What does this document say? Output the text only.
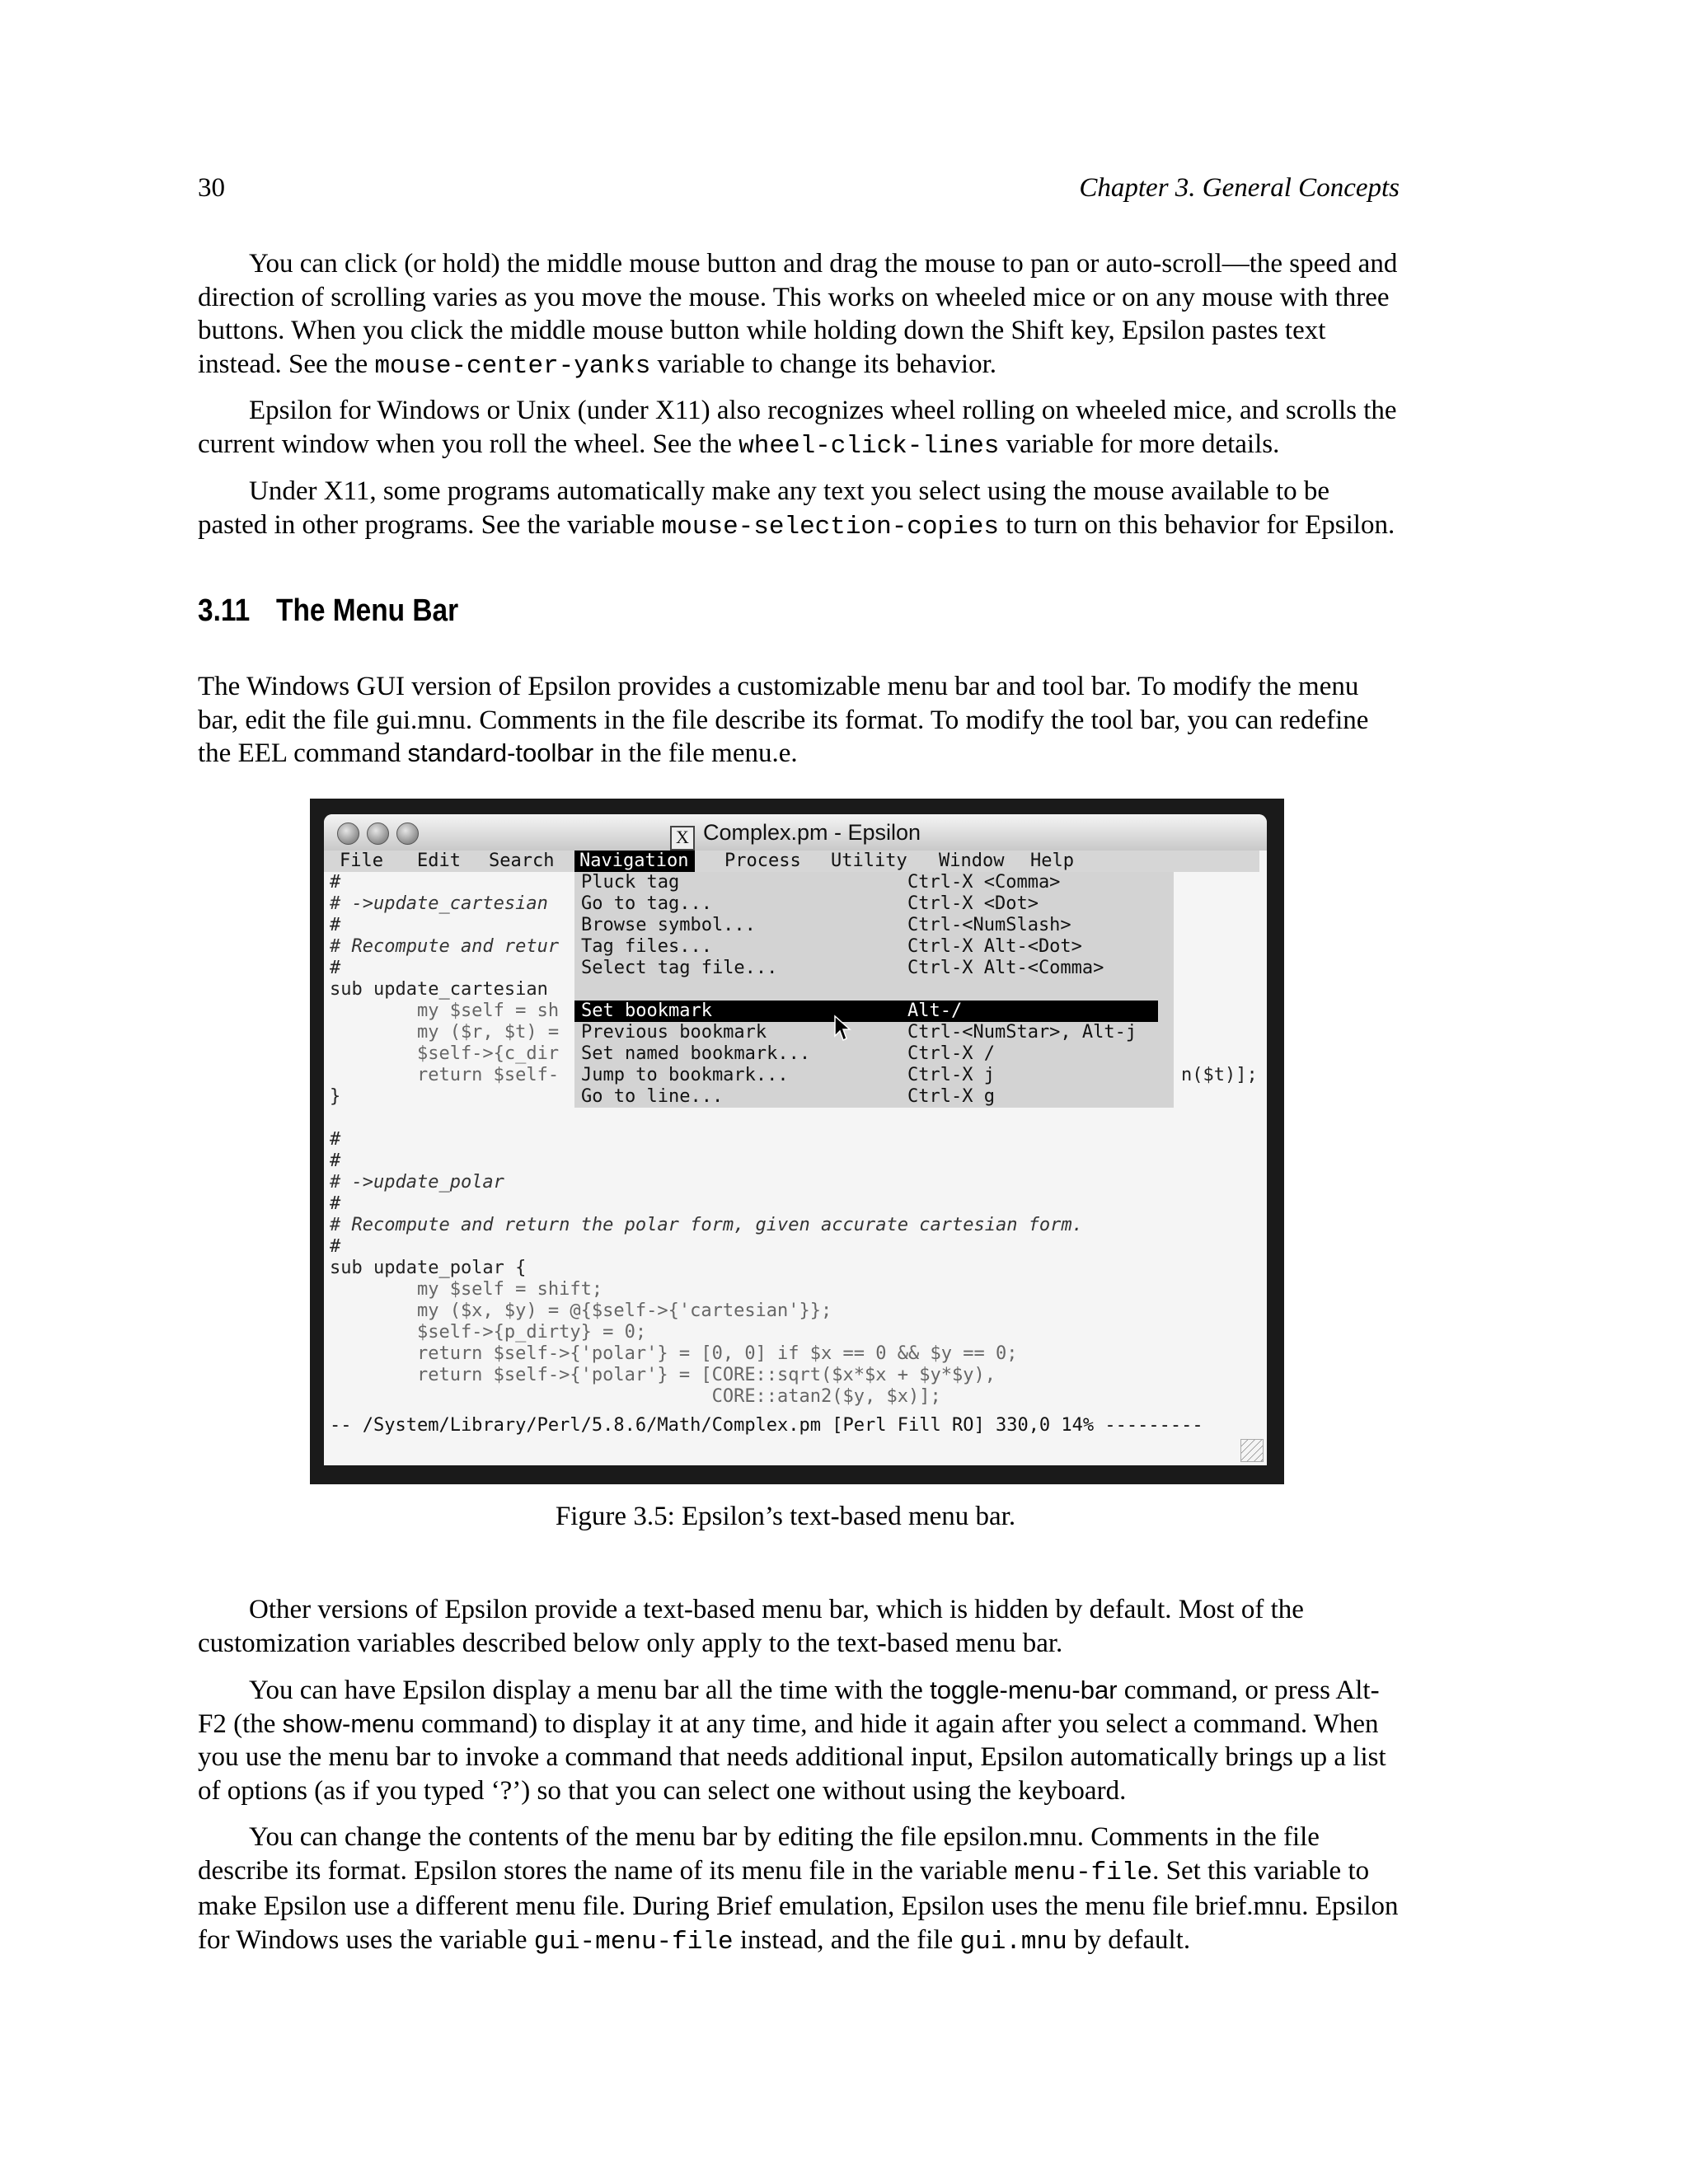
30	Chapter 3. General Concepts

You can click (or hold) the middle mouse button and drag the mouse to pan or auto-scroll—the speed and direction of scrolling varies as you move the mouse. This works on wheeled mice or on any mouse with three buttons. When you click the middle mouse button while holding down the Shift key, Epsilon pastes text instead. See the mouse-center-yanks variable to change its behavior.

Epsilon for Windows or Unix (under X11) also recognizes wheel rolling on wheeled mice, and scrolls the current window when you roll the wheel. See the wheel-click-lines variable for more details.

Under X11, some programs automatically make any text you select using the mouse available to be pasted in other programs. See the variable mouse-selection-copies to turn on this behavior for Epsilon.

3.11 The Menu Bar

The Windows GUI version of Epsilon provides a customizable menu bar and tool bar. To modify the menu bar, edit the file gui.mnu. Comments in the file describe its format. To modify the tool bar, you can redefine the EEL command standard-toolbar in the file menu.e.

X Complex.pm - Epsilon
File Edit Search Navigation	Process Utility Window Help
#
# ->update_cartesian
#
# Recompute and retur
#
sub update_cartesian
my $self = sh
my ($r, $t) =
$self->{c_dir
return $self-	n($t)];
}
Pluck tag	Ctrl-X <Comma>
Go to tag...	Ctrl-X <Dot>
Browse symbol...	Ctrl-<NumSlash>
Tag files...	Ctrl-X Alt-<Dot>
Select tag file...	Ctrl-X Alt-<Comma>
Set bookmark	Alt-/
Previous bookmark	Ctrl-<NumStar>, Alt-j
Set named bookmark...	Ctrl-X /
Jump to bookmark...	Ctrl-X j
Go to line...	Ctrl-X g
#
#
# ->update_polar
#
# Recompute and return the polar form, given accurate cartesian form.
#
sub update_polar {
my $self = shift;
my ($x, $y) = @{$self->{'cartesian'}};
$self->{p_dirty} = 0;
return $self->{'polar'} = [0, 0] if $x == 0 && $y == 0;
return $self->{'polar'} = [CORE::sqrt($x*$x + $y*$y),
CORE::atan2($y, $x)];
-- /System/Library/Perl/5.8.6/Math/Complex.pm [Perl Fill RO] 330,0 14% ---------
Figure 3.5: Epsilon’s text-based menu bar.

Other versions of Epsilon provide a text-based menu bar, which is hidden by default. Most of the customization variables described below only apply to the text-based menu bar.

You can have Epsilon display a menu bar all the time with the toggle-menu-bar command, or press Alt-F2 (the show-menu command) to display it at any time, and hide it again after you select a command. When you use the menu bar to invoke a command that needs additional input, Epsilon automatically brings up a list of options (as if you typed ‘?’) so that you can select one without using the keyboard.

You can change the contents of the menu bar by editing the file epsilon.mnu. Comments in the file describe its format. Epsilon stores the name of its menu file in the variable menu-file. Set this variable to make Epsilon use a different menu file. During Brief emulation, Epsilon uses the menu file brief.mnu. Epsilon for Windows uses the variable gui-menu-file instead, and the file gui.mnu by default.
